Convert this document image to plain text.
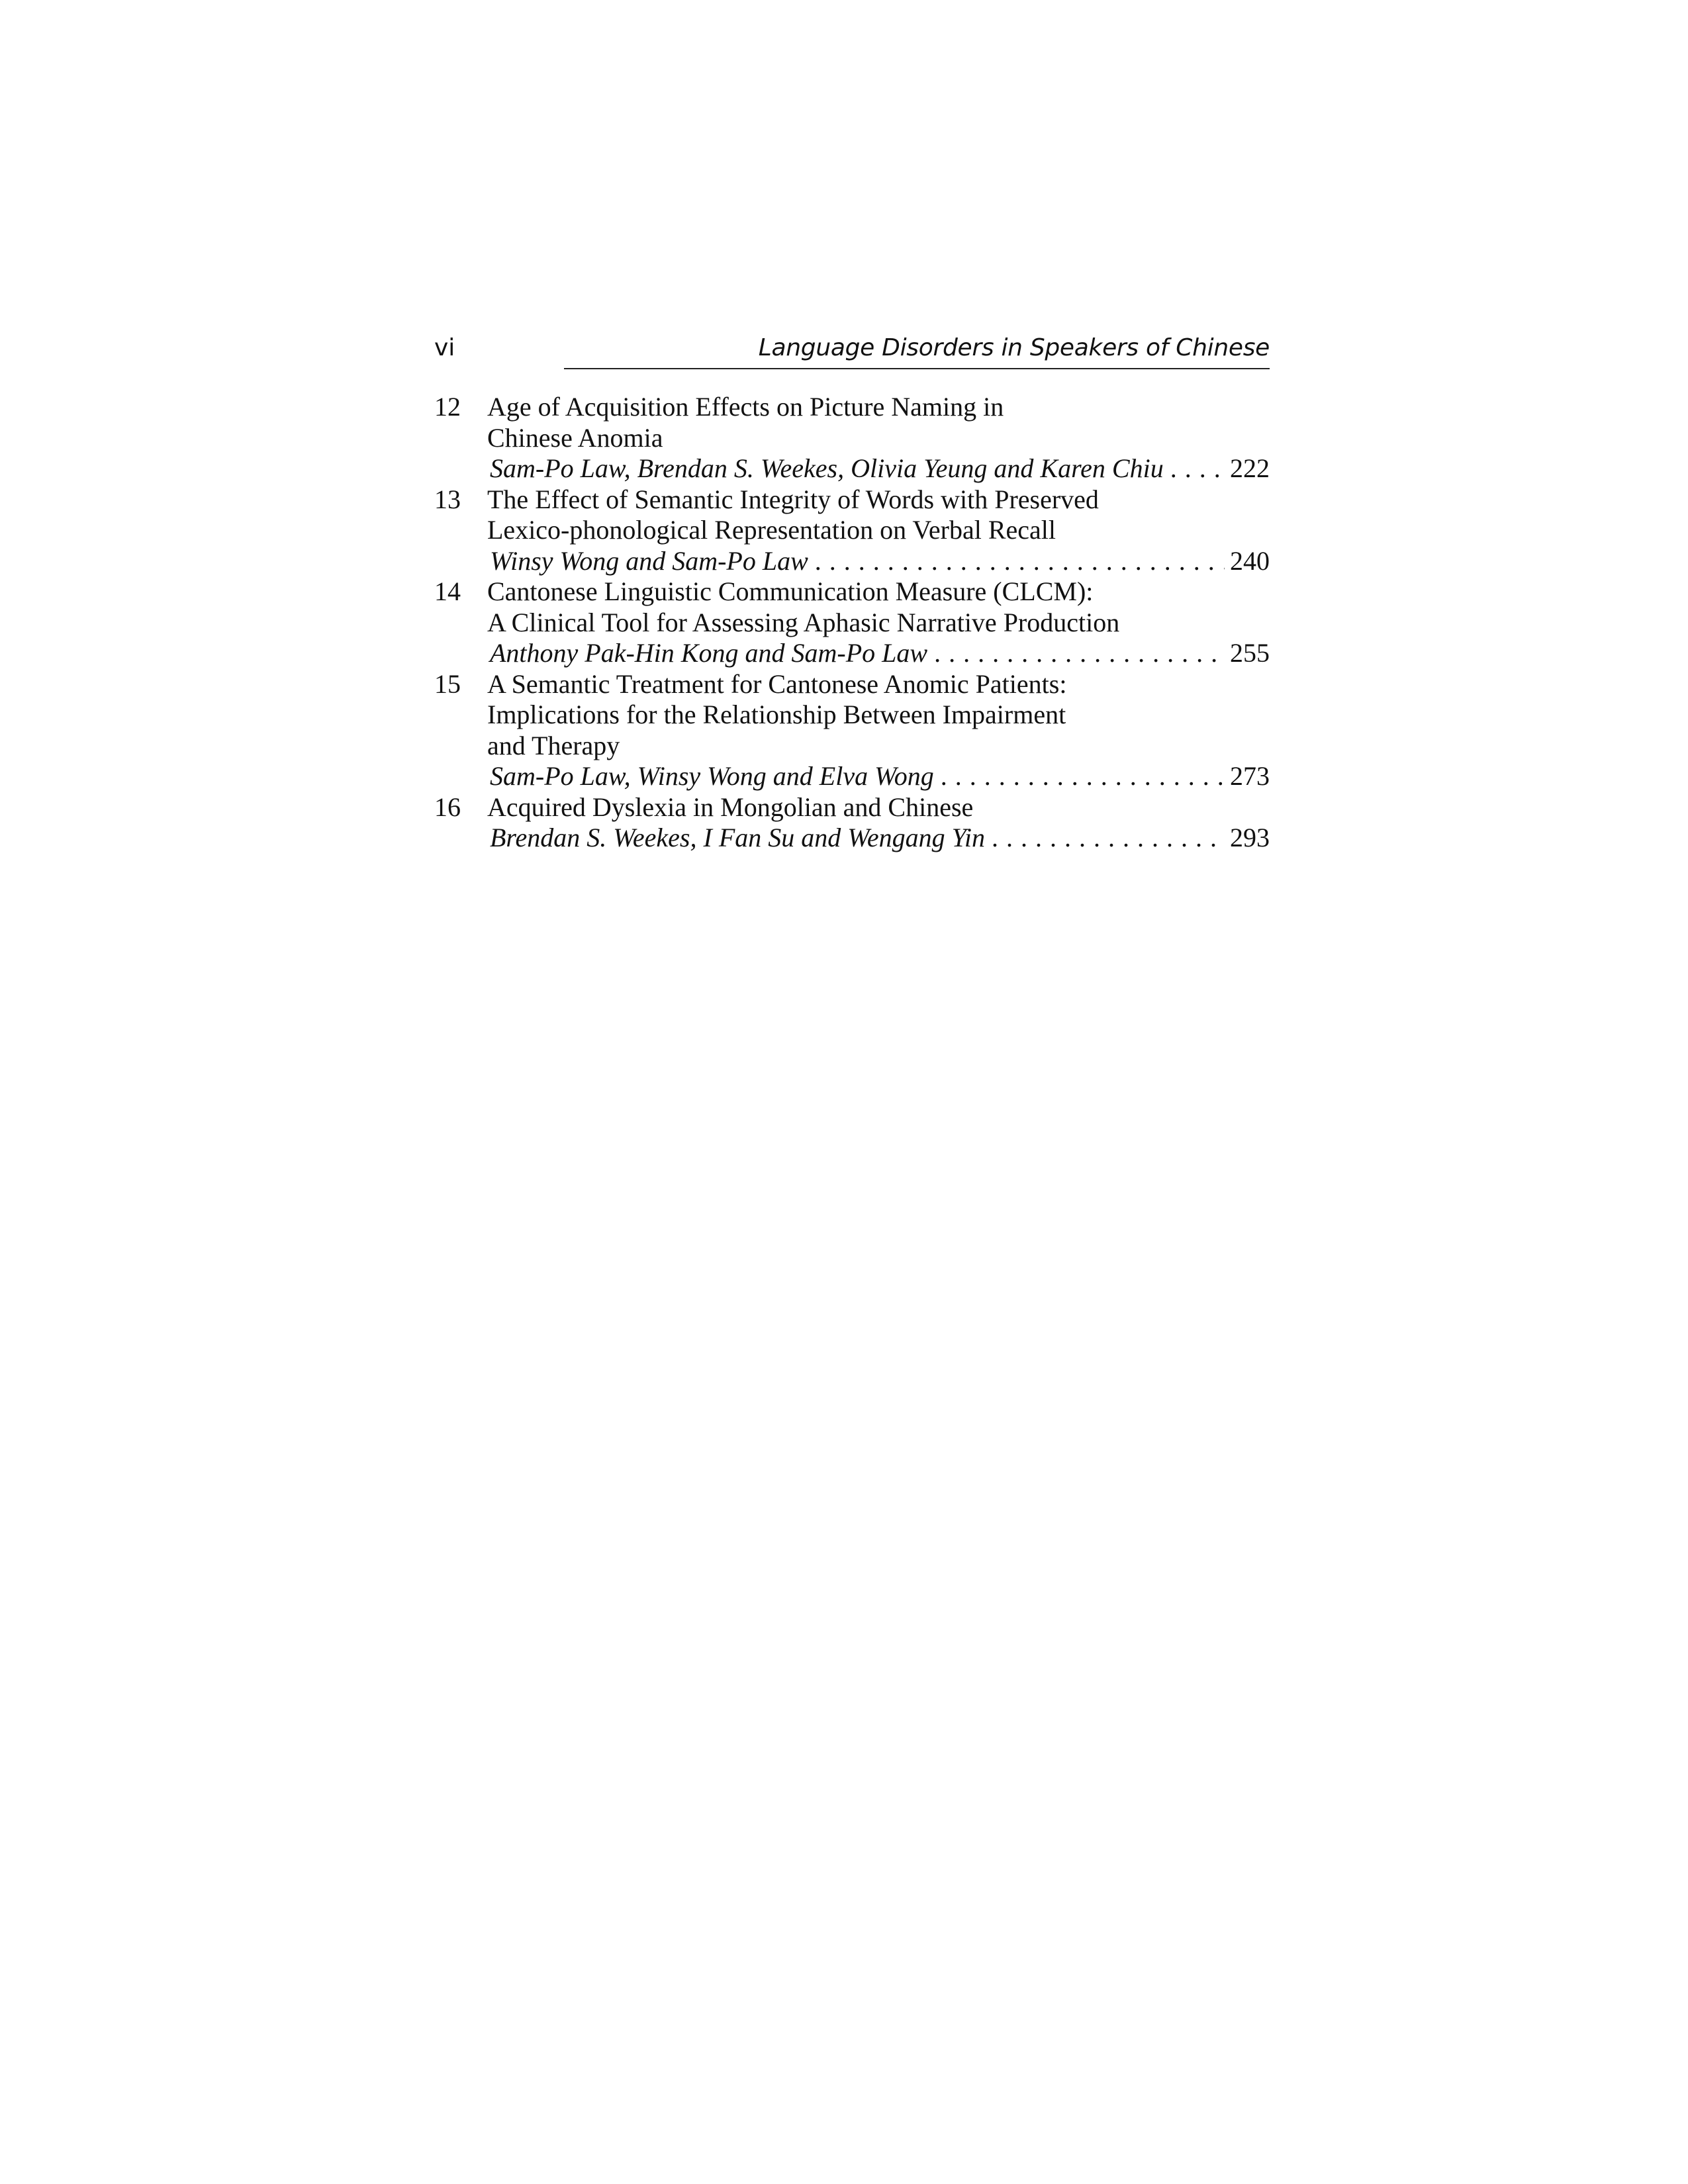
vi	Language Disorders in Speakers of Chinese
12 Age of Acquisition Effects on Picture Naming in
Chinese Anomia
Sam-Po Law, Brendan S. Weekes, Olivia Yeung and Karen Chiu . . .	222
13 The Effect of Semantic Integrity of Words with Preserved
Lexico-phonological Representation on Verbal Recall
Winsy Wong and Sam-Po Law . . .	240
14 Cantonese Linguistic Communication Measure (CLCM):
A Clinical Tool for Assessing Aphasic Narrative Production
Anthony Pak-Hin Kong and Sam-Po Law . . .	255
15 A Semantic Treatment for Cantonese Anomic Patients:
Implications for the Relationship Between Impairment
and Therapy
Sam-Po Law, Winsy Wong and Elva Wong . . .	273
16 Acquired Dyslexia in Mongolian and Chinese
Brendan S. Weekes, I Fan Su and Wengang Yin . . .	293
